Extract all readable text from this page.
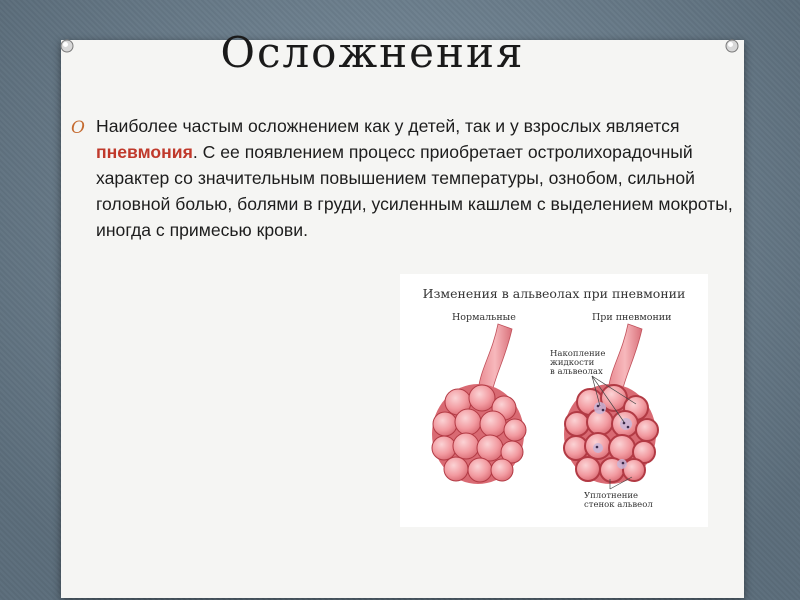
Осложнения
O Наиболее частым осложнением как у детей, так и у взрослых является пневмония. С ее появлением процесс приобретает остролихорадочный характер со значительным повышением температуры, ознобом, сильной головной болью, болями в груди, усиленным кашлем с выделением мокроты, иногда с примесью крови.

Изменения в альвеолах при пневмонии
Нормальные	При пневмонии
Накопление
жидкости
в альвеолах
Уплотнение
стенок альвеол
